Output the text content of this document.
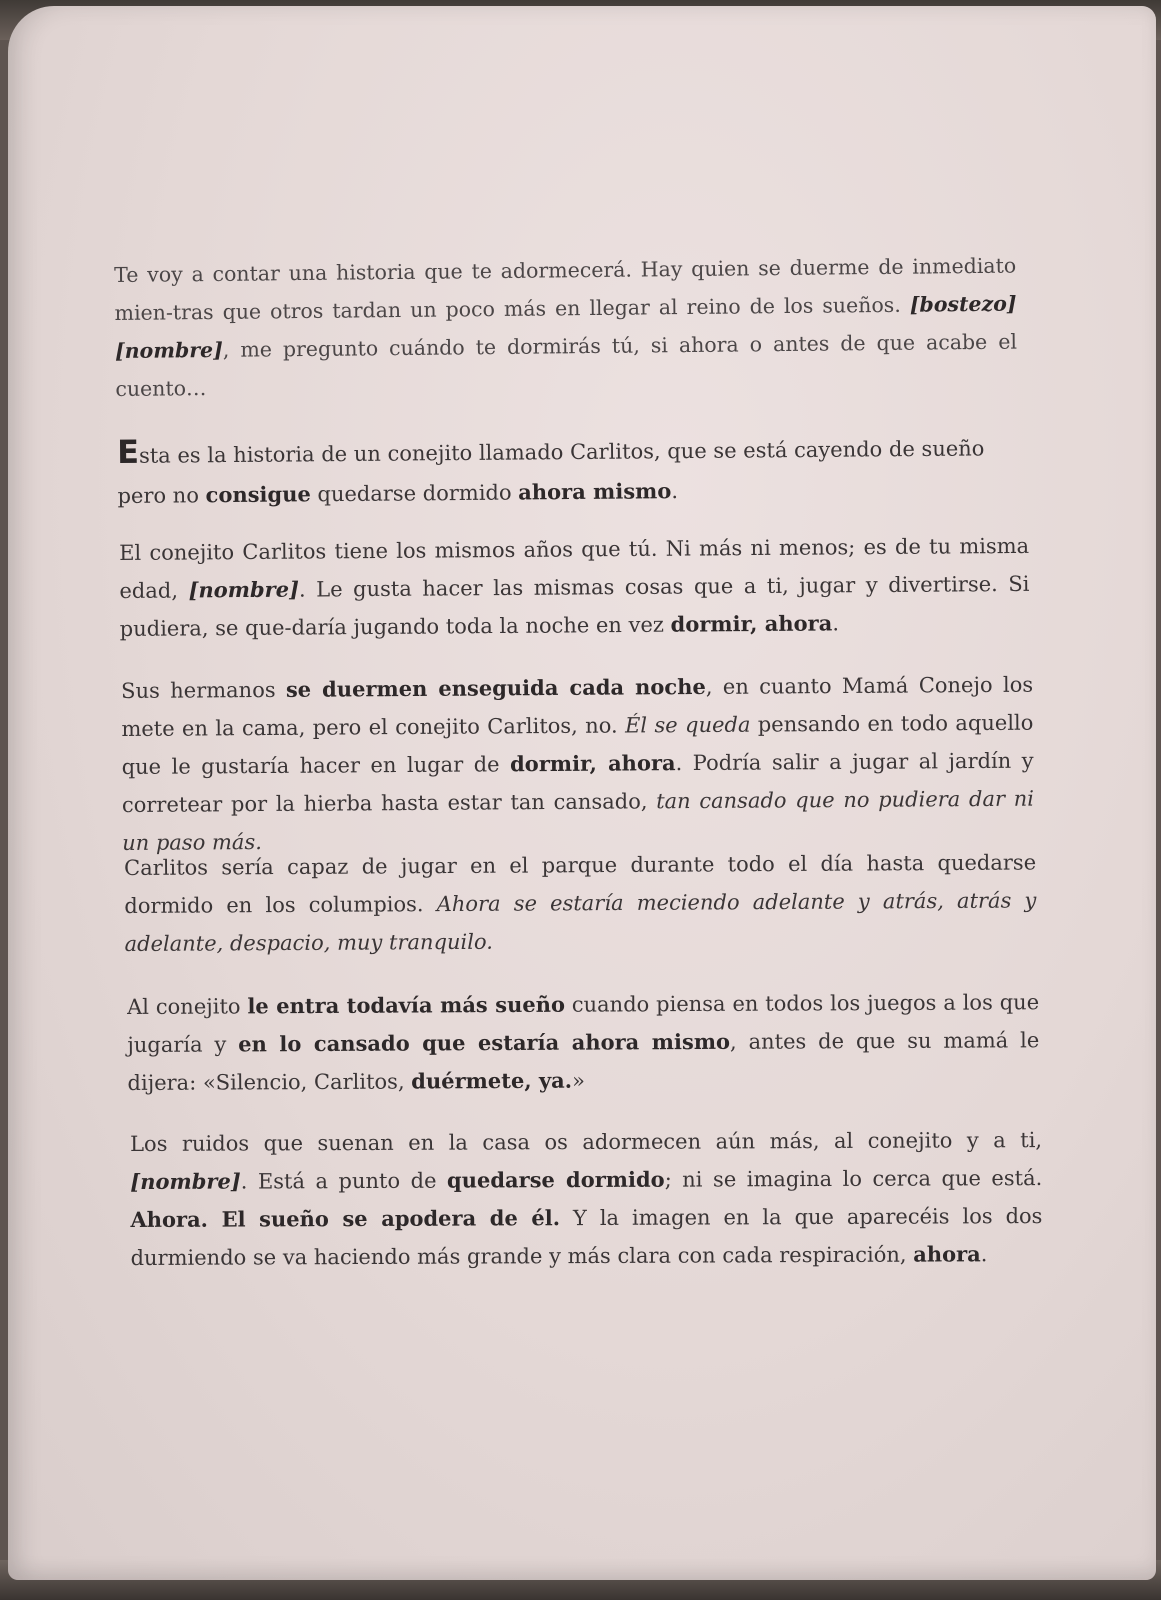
Te voy a contar una historia que te adormecerá. Hay quien se duerme de inmediato mien-tras que otros tardan un poco más en llegar al reino de los sueños. [bostezo] [nombre], me pregunto cuándo te dormirás tú, si ahora o antes de que acabe el cuento…

Esta es la historia de un conejito llamado Carlitos, que se está cayendo de sueño pero no consigue quedarse dormido ahora mismo.

El conejito Carlitos tiene los mismos años que tú. Ni más ni menos; es de tu misma edad, [nombre]. Le gusta hacer las mismas cosas que a ti, jugar y divertirse. Si pudiera, se que-daría jugando toda la noche en vez dormir, ahora.

Sus hermanos se duermen enseguida cada noche, en cuanto Mamá Conejo los mete en la cama, pero el conejito Carlitos, no. Él se queda pensando en todo aquello que le gustaría hacer en lugar de dormir, ahora. Podría salir a jugar al jardín y corretear por la hierba hasta estar tan cansado, tan cansado que no pudiera dar ni un paso más.

Carlitos sería capaz de jugar en el parque durante todo el día hasta quedarse dormido en los columpios. Ahora se estaría meciendo adelante y atrás, atrás y adelante, despacio, muy tranquilo.

Al conejito le entra todavía más sueño cuando piensa en todos los juegos a los que jugaría y en lo cansado que estaría ahora mismo, antes de que su mamá le dijera: «Silencio, Carlitos, duérmete, ya.»

Los ruidos que suenan en la casa os adormecen aún más, al conejito y a ti, [nombre]. Está a punto de quedarse dormido; ni se imagina lo cerca que está. Ahora. El sueño se apodera de él. Y la imagen en la que aparecéis los dos durmiendo se va haciendo más grande y más clara con cada respiración, ahora.
